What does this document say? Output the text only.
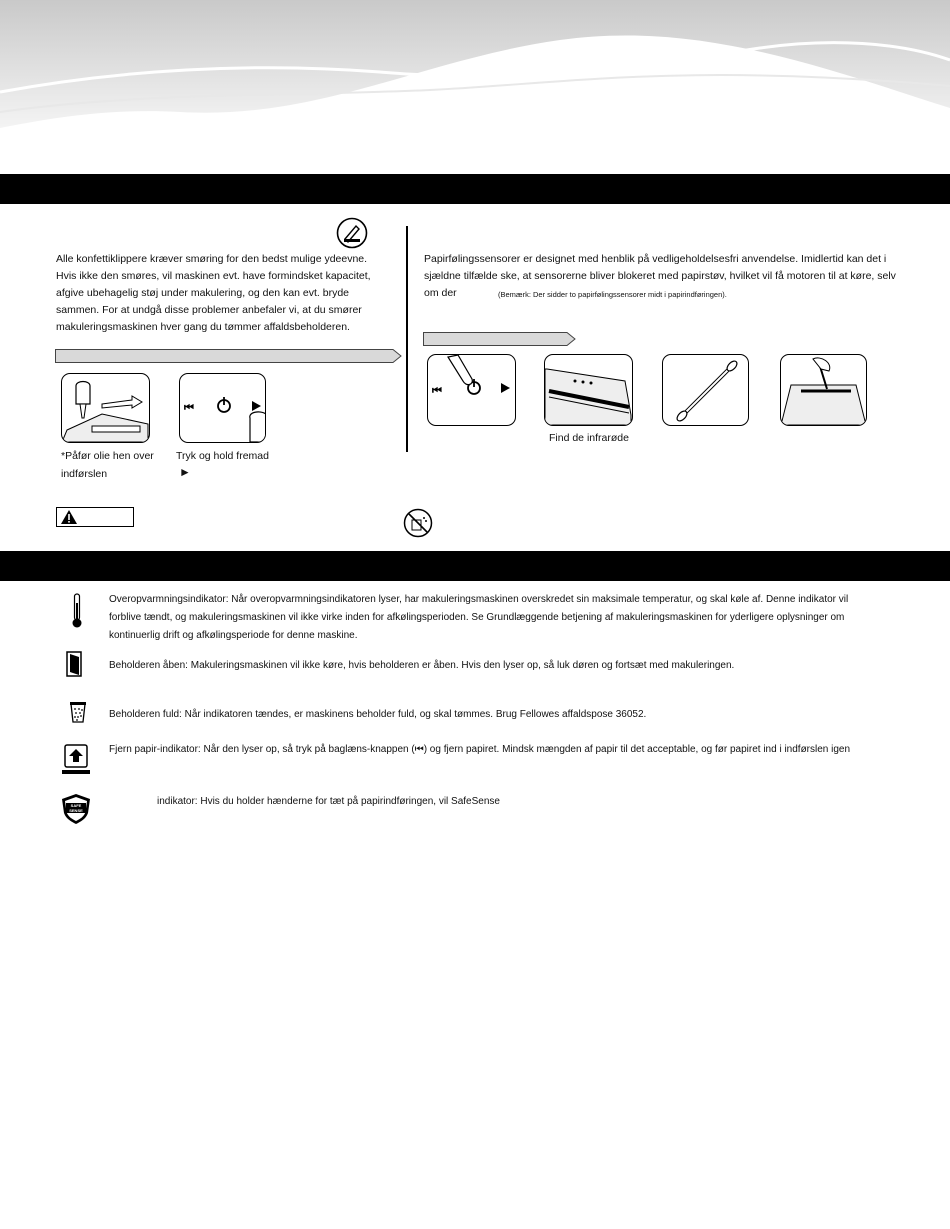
Alle konfettiklippere kræver smøring for den bedst mulige ydeevne. Hvis ikke den smøres, vil maskinen evt. have formindsket kapacitet, afgive ubehagelig støj under makulering, og den kan evt. bryde sammen. For at undgå disse problemer anbefaler vi, at du smører makuleringsmaskinen hver gang du tømmer affaldsbeholderen.
⏮
*Påfør olie hen over indførslen
Tryk og hold fremad
►
Papirfølingssensorer er designet med henblik på vedligeholdelsesfri anvendelse. Imidlertid kan det i sjældne tilfælde ske, at sensorerne bliver blokeret med papirstøv, hvilket vil få motoren til at køre, selv om der	(Bemærk: Der sidder to papirfølingssensorer midt i papirindføringen).
⏮
Find de infrarøde
Overopvarmningsindikator: Når overopvarmningsindikatoren lyser, har makuleringsmaskinen overskredet sin maksimale temperatur, og skal køle af. Denne indikator vil forblive tændt, og makuleringsmaskinen vil ikke virke inden for afkølingsperioden. Se Grundlæggende betjening af makuleringsmaskinen for yderligere oplysninger om kontinuerlig drift og afkølingsperiode for denne maskine.
Beholderen åben: Makuleringsmaskinen vil ikke køre, hvis beholderen er åben. Hvis den lyser op, så luk døren og fortsæt med makuleringen.
Beholderen fuld: Når indikatoren tændes, er maskinens beholder fuld, og skal tømmes. Brug Fellowes affaldspose 36052.
Fjern papir-indikator: Når den lyser op, så tryk på baglæns-knappen (⏮) og fjern papiret. Mindsk mængden af papir til det acceptable, og før papiret ind i indførslen igen
SAFE SENSE
indikator: Hvis du holder hænderne for tæt på papirindføringen, vil SafeSense
